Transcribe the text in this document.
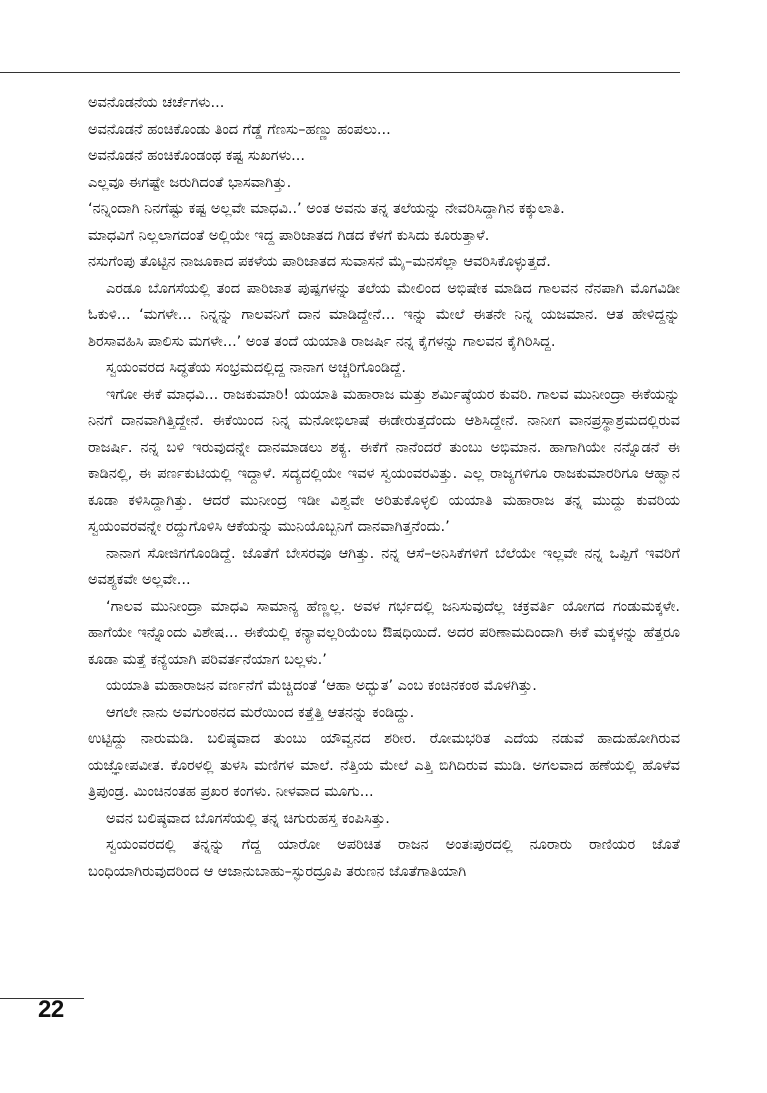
ಅವನೊಡನೆಯ ಚರ್ಚೆಗಳು...

ಅವನೊಡನೆ ಹಂಚಿಕೊಂಡು ತಿಂದ ಗೆಡ್ಡೆ ಗೆಣಸು–ಹಣ್ಣು ಹಂಪಲು...

ಅವನೊಡನೆ ಹಂಚಿಕೊಂಡಂಥ ಕಷ್ಟ ಸುಖಗಳು...

ಎಲ್ಲವೂ ಈಗಷ್ಟೇ ಜರುಗಿದಂತೆ ಭಾಸವಾಗಿತ್ತು.

‘ನನ್ನಿಂದಾಗಿ ನಿನಗೆಷ್ಟು ಕಷ್ಟ ಅಲ್ಲವೇ ಮಾಧವಿ..’ ಅಂತ ಅವನು ತನ್ನ ತಲೆಯನ್ನು ನೇವರಿಸಿದ್ದಾಗಿನ ಕಕ್ಕುಲಾತಿ.

ಮಾಧವಿಗೆ ನಿಲ್ಲಲಾಗದಂತೆ ಅಲ್ಲಿಯೇ ಇದ್ದ ಪಾರಿಜಾತದ ಗಿಡದ ಕೆಳಗೆ ಕುಸಿದು ಕೂರುತ್ತಾಳೆ.

ನಸುಗೆಂಪು ತೊಟ್ಟಿನ ನಾಜೂಕಾದ ಪಕಳೆಯ ಪಾರಿಜಾತದ ಸುವಾಸನೆ ಮೈ–ಮನಸೆಲ್ಲಾ ಆವರಿಸಿಕೊಳ್ಳುತ್ತದೆ.

ಎರಡೂ ಬೊಗಸೆಯಲ್ಲಿ ತಂದ ಪಾರಿಜಾತ ಪುಷ್ಪಗಳನ್ನು ತಲೆಯ ಮೇಲಿಂದ ಅಭಿಷೇಕ ಮಾಡಿದ ಗಾಲವನ ನೆನಪಾಗಿ ಮೊಗವಿಡೀ ಓಕುಳಿ... ‘ಮಗಳೇ... ನಿನ್ನನ್ನು ಗಾಲವನಿಗೆ ದಾನ ಮಾಡಿದ್ದೇನೆ... ಇನ್ನು ಮೇಲೆ ಈತನೇ ನಿನ್ನ ಯಜಮಾನ. ಆತ ಹೇಳಿದ್ದನ್ನು ಶಿರಸಾವಹಿಸಿ ಪಾಲಿಸು ಮಗಳೇ...’ ಅಂತ ತಂದೆ ಯಯಾತಿ ರಾಜರ್ಷಿ ನನ್ನ ಕೈಗಳನ್ನು ಗಾಲವನ ಕೈಗಿರಿಸಿದ್ದ.

ಸ್ವಯಂವರದ ಸಿದ್ಧತೆಯ ಸಂಭ್ರಮದಲ್ಲಿದ್ದ ನಾನಾಗ ಅಚ್ಚರಿಗೊಂಡಿದ್ದೆ.

ಇಗೋ ಈಕೆ ಮಾಧವಿ... ರಾಜಕುಮಾರಿ! ಯಯಾತಿ ಮಹಾರಾಜ ಮತ್ತು ಶರ್ಮಿಷ್ಠೆಯರ ಕುವರಿ. ಗಾಲವ ಮುನೀಂದ್ರಾ ಈಕೆಯನ್ನು ನಿನಗೆ ದಾನವಾಗಿತ್ತಿದ್ದೇನೆ. ಈಕೆಯಿಂದ ನಿನ್ನ ಮನೋಭಿಲಾಷೆ ಈಡೇರುತ್ತದೆಂದು ಆಶಿಸಿದ್ದೇನೆ. ನಾನೀಗ ವಾನಪ್ರಸ್ಥಾಶ್ರಮದಲ್ಲಿರುವ ರಾಜರ್ಷಿ. ನನ್ನ ಬಳಿ ಇರುವುದನ್ನೇ ದಾನಮಾಡಲು ಶಕ್ಯ. ಈಕೆಗೆ ನಾನೆಂದರೆ ತುಂಬು ಅಭಿಮಾನ. ಹಾಗಾಗಿಯೇ ನನ್ನೊಡನೆ ಈ ಕಾಡಿನಲ್ಲಿ, ಈ ಪರ್ಣಕುಟಿಯಲ್ಲಿ ಇದ್ದಾಳೆ. ಸದ್ಯದಲ್ಲಿಯೇ ಇವಳ ಸ್ವಯಂವರವಿತ್ತು. ಎಲ್ಲ ರಾಜ್ಯಗಳಿಗೂ ರಾಜಕುಮಾರರಿಗೂ ಆಹ್ವಾನ ಕೂಡಾ ಕಳಿಸಿದ್ದಾಗಿತ್ತು. ಆದರೆ ಮುನೀಂದ್ರ ಇಡೀ ವಿಶ್ವವೇ ಅರಿತುಕೊಳ್ಳಲಿ ಯಯಾತಿ ಮಹಾರಾಜ ತನ್ನ ಮುದ್ದು ಕುವರಿಯ ಸ್ವಯಂವರವನ್ನೇ ರದ್ದುಗೊಳಿಸಿ ಆಕೆಯನ್ನು ಮುನಿಯೊಬ್ಬನಿಗೆ ದಾನವಾಗಿತ್ತನೆಂದು.’

ನಾನಾಗ ಸೋಜಿಗಗೊಂಡಿದ್ದೆ. ಜೊತೆಗೆ ಬೇಸರವೂ ಆಗಿತ್ತು. ನನ್ನ ಆಸೆ–ಅನಿಸಿಕೆಗಳಿಗೆ ಬೆಲೆಯೇ ಇಲ್ಲವೇ ನನ್ನ ಒಪ್ಪಿಗೆ ಇವರಿಗೆ ಅವಶ್ಯಕವೇ ಅಲ್ಲವೇ...

‘ಗಾಲವ ಮುನೀಂದ್ರಾ ಮಾಧವಿ ಸಾಮಾನ್ಯ ಹೆಣ್ಣಲ್ಲ. ಅವಳ ಗರ್ಭದಲ್ಲಿ ಜನಿಸುವುದೆಲ್ಲ ಚಕ್ರವರ್ತಿ ಯೋಗದ ಗಂಡುಮಕ್ಕಳೇ. ಹಾಗೆಯೇ ಇನ್ನೊಂದು ವಿಶೇಷ... ಈಕೆಯಲ್ಲಿ ಕನ್ಯಾವಲ್ಲರಿಯೆಂಬ ಔಷಧಿಯಿದೆ. ಅದರ ಪರಿಣಾಮದಿಂದಾಗಿ ಈಕೆ ಮಕ್ಕಳನ್ನು ಹೆತ್ತರೂ ಕೂಡಾ ಮತ್ತೆ ಕನ್ಯೆಯಾಗಿ ಪರಿವರ್ತನೆಯಾಗ ಬಲ್ಲಳು.’

ಯಯಾತಿ ಮಹಾರಾಜನ ವರ್ಣನೆಗೆ ಮೆಚ್ಚಿದಂತೆ ‘ಆಹಾ ಅದ್ಭುತ’ ಎಂಬ ಕಂಚಿನಕಂಠ ಮೊಳಗಿತ್ತು.

ಆಗಲೇ ನಾನು ಅವಗುಂಠನದ ಮರೆಯಿಂದ ಕತ್ತೆತ್ತಿ ಆತನನ್ನು ಕಂಡಿದ್ದು.

ಉಟ್ಟಿದ್ದು ನಾರುಮಡಿ. ಬಲಿಷ್ಠವಾದ ತುಂಬು ಯೌವ್ವನದ ಶರೀರ. ರೋಮಭರಿತ ಎದೆಯ ನಡುವೆ ಹಾದುಹೋಗಿರುವ ಯಜ್ಞೋಪವೀತ. ಕೊರಳಲ್ಲಿ ತುಳಸಿ ಮಣಿಗಳ ಮಾಲೆ. ನೆತ್ತಿಯ ಮೇಲೆ ಎತ್ತಿ ಬಿಗಿದಿರುವ ಮುಡಿ. ಅಗಲವಾದ ಹಣೆಯಲ್ಲಿ ಹೊಳೆವ ತ್ರಿಪುಂಡ್ರ. ಮಿಂಚಿನಂತಹ ಪ್ರಖರ ಕಂಗಳು. ನೀಳವಾದ ಮೂಗು...

ಅವನ ಬಲಿಷ್ಠವಾದ ಬೊಗಸೆಯಲ್ಲಿ ತನ್ನ ಚಿಗುರುಹಸ್ತ ಕಂಪಿಸಿತ್ತು.

ಸ್ವಯಂವರದಲ್ಲಿ ತನ್ನನ್ನು ಗೆದ್ದ ಯಾರೋ ಅಪರಿಚಿತ ರಾಜನ ಅಂತಃಪುರದಲ್ಲಿ ನೂರಾರು ರಾಣಿಯರ ಜೊತೆ ಬಂಧಿಯಾಗಿರುವುದರಿಂದ ಆ ಆಜಾನುಬಾಹು–ಸ್ಫುರದ್ರೂಪಿ ತರುಣನ ಜೊತೆಗಾತಿಯಾಗಿ

22
